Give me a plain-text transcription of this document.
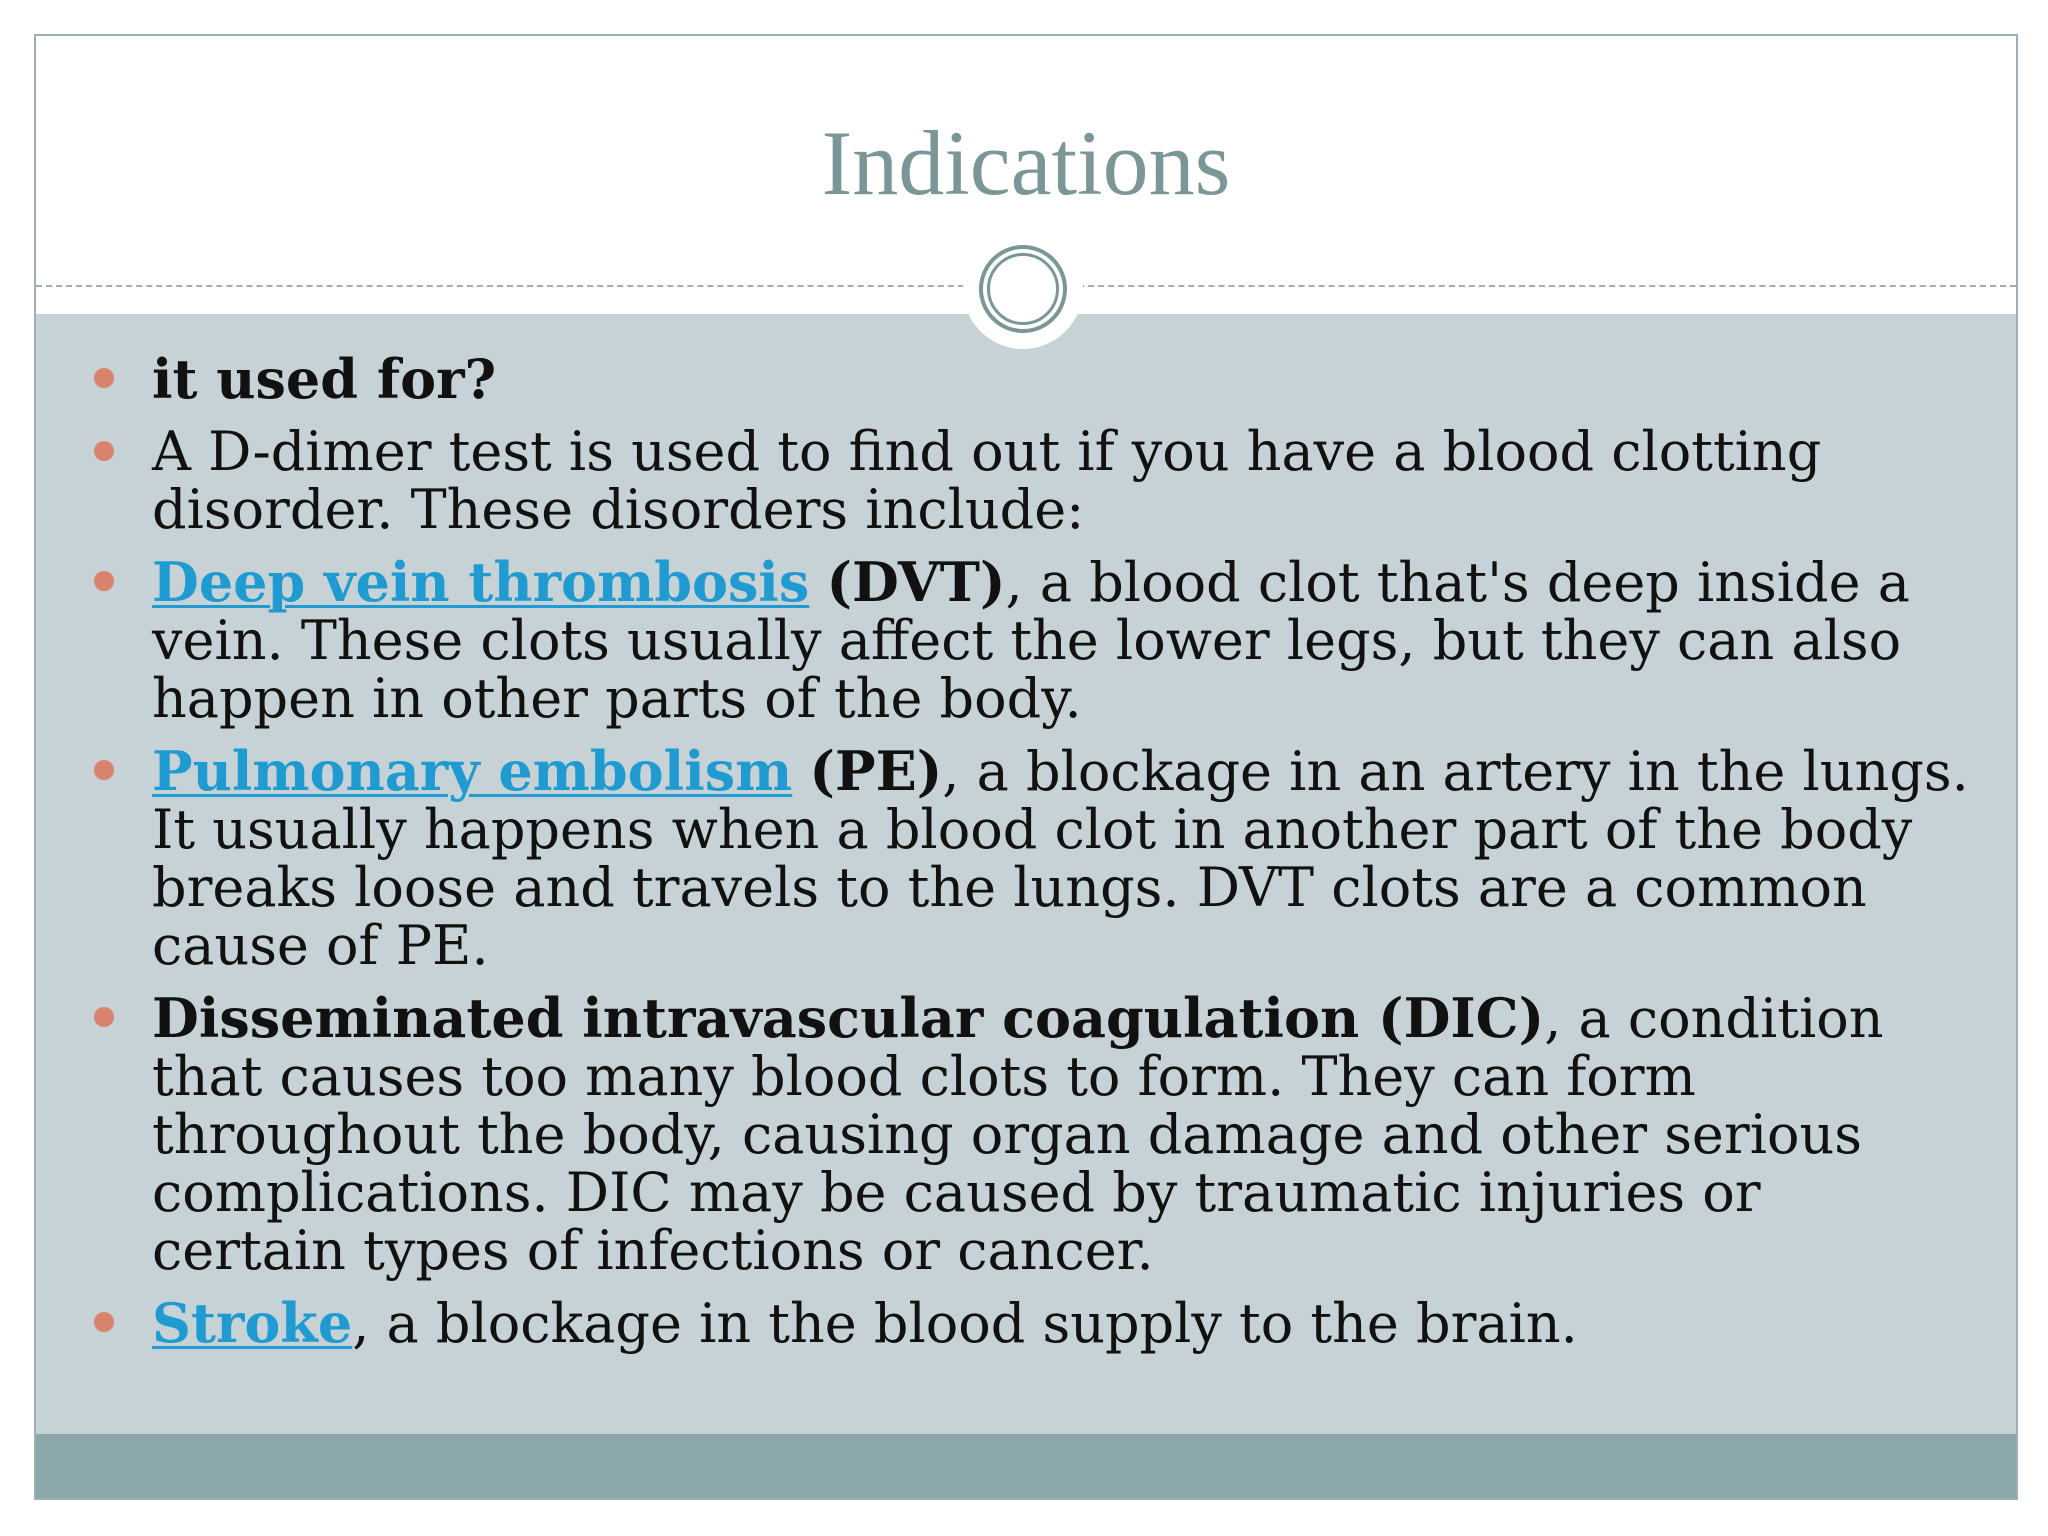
Indications
it used for?
A D-dimer test is used to find out if you have a blood clotting disorder. These disorders include:
Deep vein thrombosis (DVT), a blood clot that's deep inside a vein. These clots usually affect the lower legs, but they can also happen in other parts of the body.
Pulmonary embolism (PE), a blockage in an artery in the lungs. It usually happens when a blood clot in another part of the body breaks loose and travels to the lungs. DVT clots are a common cause of PE.
Disseminated intravascular coagulation (DIC), a condition that causes too many blood clots to form. They can form throughout the body, causing organ damage and other serious complications. DIC may be caused by traumatic injuries or certain types of infections or cancer.
Stroke, a blockage in the blood supply to the brain.
